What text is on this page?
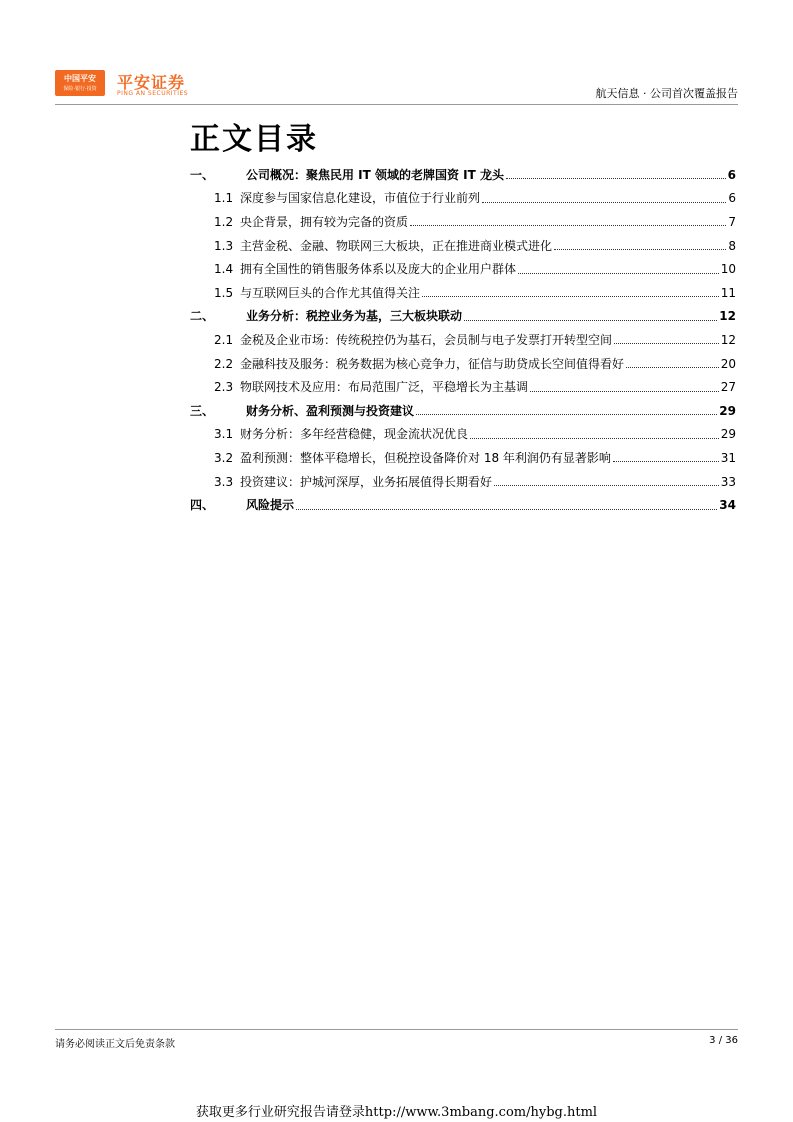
中国平安
保险·银行·投资	平安证券
PING AN SECURITIES	航天信息 · 公司首次覆盖报告
正文目录
一、	公司概况：聚焦民用 IT 领域的老牌国资 IT 龙头	6
1.1 深度参与国家信息化建设，市值位于行业前列	6
1.2 央企背景，拥有较为完备的资质	7
1.3 主营金税、金融、物联网三大板块，正在推进商业模式进化	8
1.4 拥有全国性的销售服务体系以及庞大的企业用户群体	10
1.5 与互联网巨头的合作尤其值得关注	11
二、	业务分析：税控业务为基，三大板块联动	12
2.1 金税及企业市场：传统税控仍为基石，会员制与电子发票打开转型空间	12
2.2 金融科技及服务：税务数据为核心竞争力，征信与助贷成长空间值得看好	20
2.3 物联网技术及应用：布局范围广泛，平稳增长为主基调	27
三、	财务分析、盈利预测与投资建议	29
3.1 财务分析：多年经营稳健，现金流状况优良	29
3.2 盈利预测：整体平稳增长，但税控设备降价对 18 年利润仍有显著影响	31
3.3 投资建议：护城河深厚，业务拓展值得长期看好	33
四、	风险提示	34
请务必阅读正文后免责条款	3 / 36
获取更多行业研究报告请登录http://www.3mbang.com/hybg.html
